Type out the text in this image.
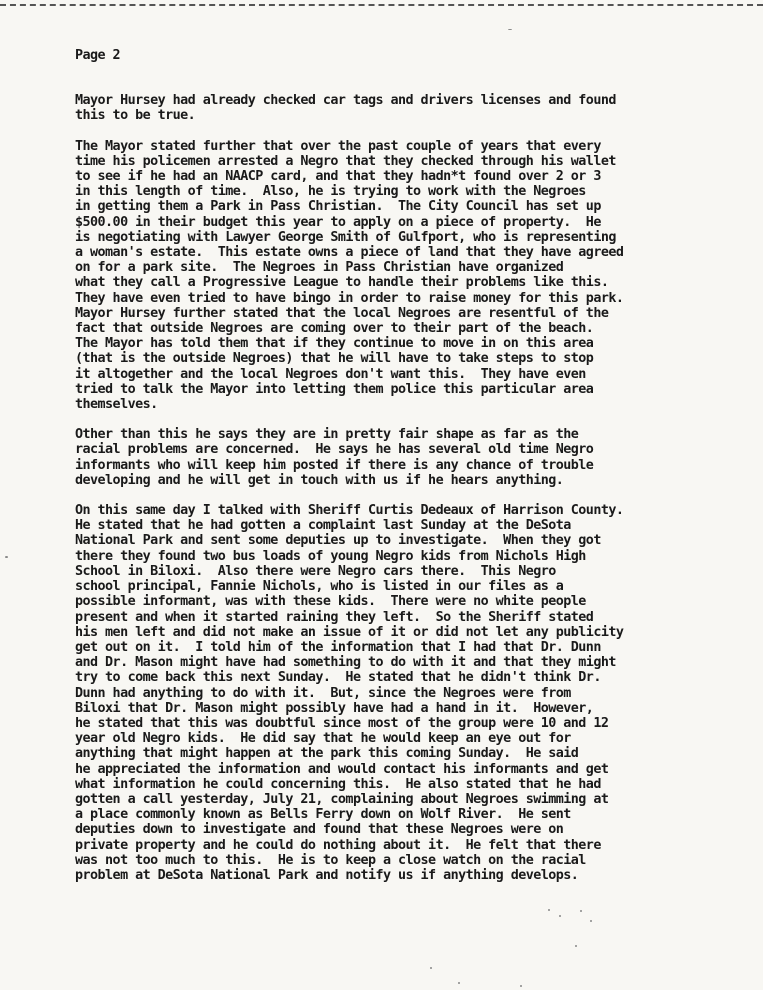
Page 2
Mayor Hursey had already checked car tags and drivers licenses and found
this to be true.
The Mayor stated further that over the past couple of years that every
time his policemen arrested a Negro that they checked through his wallet
to see if he had an NAACP card, and that they hadn*t found over 2 or 3
in this length of time.  Also, he is trying to work with the Negroes
in getting them a Park in Pass Christian.  The City Council has set up
$500.00 in their budget this year to apply on a piece of property.  He
is negotiating with Lawyer George Smith of Gulfport, who is representing
a woman's estate.  This estate owns a piece of land that they have agreed
on for a park site.  The Negroes in Pass Christian have organized
what they call a Progressive League to handle their problems like this.
They have even tried to have bingo in order to raise money for this park.
Mayor Hursey further stated that the local Negroes are resentful of the
fact that outside Negroes are coming over to their part of the beach.
The Mayor has told them that if they continue to move in on this area
(that is the outside Negroes) that he will have to take steps to stop
it altogether and the local Negroes don't want this.  They have even
tried to talk the Mayor into letting them police this particular area
themselves.
Other than this he says they are in pretty fair shape as far as the
racial problems are concerned.  He says he has several old time Negro
informants who will keep him posted if there is any chance of trouble
developing and he will get in touch with us if he hears anything.
On this same day I talked with Sheriff Curtis Dedeaux of Harrison County.
He stated that he had gotten a complaint last Sunday at the DeSota
National Park and sent some deputies up to investigate.  When they got
there they found two bus loads of young Negro kids from Nichols High
School in Biloxi.  Also there were Negro cars there.  This Negro
school principal, Fannie Nichols, who is listed in our files as a
possible informant, was with these kids.  There were no white people
present and when it started raining they left.  So the Sheriff stated
his men left and did not make an issue of it or did not let any publicity
get out on it.  I told him of the information that I had that Dr. Dunn
and Dr. Mason might have had something to do with it and that they might
try to come back this next Sunday.  He stated that he didn't think Dr.
Dunn had anything to do with it.  But, since the Negroes were from
Biloxi that Dr. Mason might possibly have had a hand in it.  However,
he stated that this was doubtful since most of the group were 10 and 12
year old Negro kids.  He did say that he would keep an eye out for
anything that might happen at the park this coming Sunday.  He said
he appreciated the information and would contact his informants and get
what information he could concerning this.  He also stated that he had
gotten a call yesterday, July 21, complaining about Negroes swimming at
a place commonly known as Bells Ferry down on Wolf River.  He sent
deputies down to investigate and found that these Negroes were on
private property and he could do nothing about it.  He felt that there
was not too much to this.  He is to keep a close watch on the racial
problem at DeSota National Park and notify us if anything develops.
